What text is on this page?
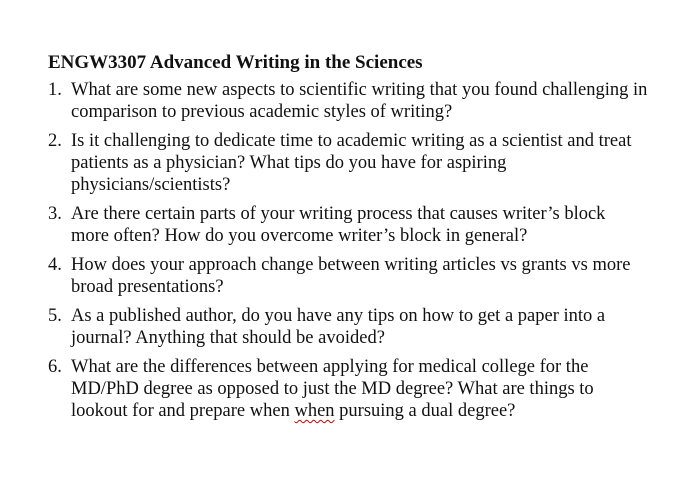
ENGW3307 Advanced Writing in the Sciences
1. What are some new aspects to scientific writing that you found challenging in comparison to previous academic styles of writing?
2. Is it challenging to dedicate time to academic writing as a scientist and treat patients as a physician? What tips do you have for aspiring physicians/scientists?
3. Are there certain parts of your writing process that causes writer’s block more often? How do you overcome writer’s block in general?
4. How does your approach change between writing articles vs grants vs more broad presentations?
5. As a published author, do you have any tips on how to get a paper into a journal? Anything that should be avoided?
6. What are the differences between applying for medical college for the MD/PhD degree as opposed to just the MD degree? What are things to lookout for and prepare when when pursuing a dual degree?
